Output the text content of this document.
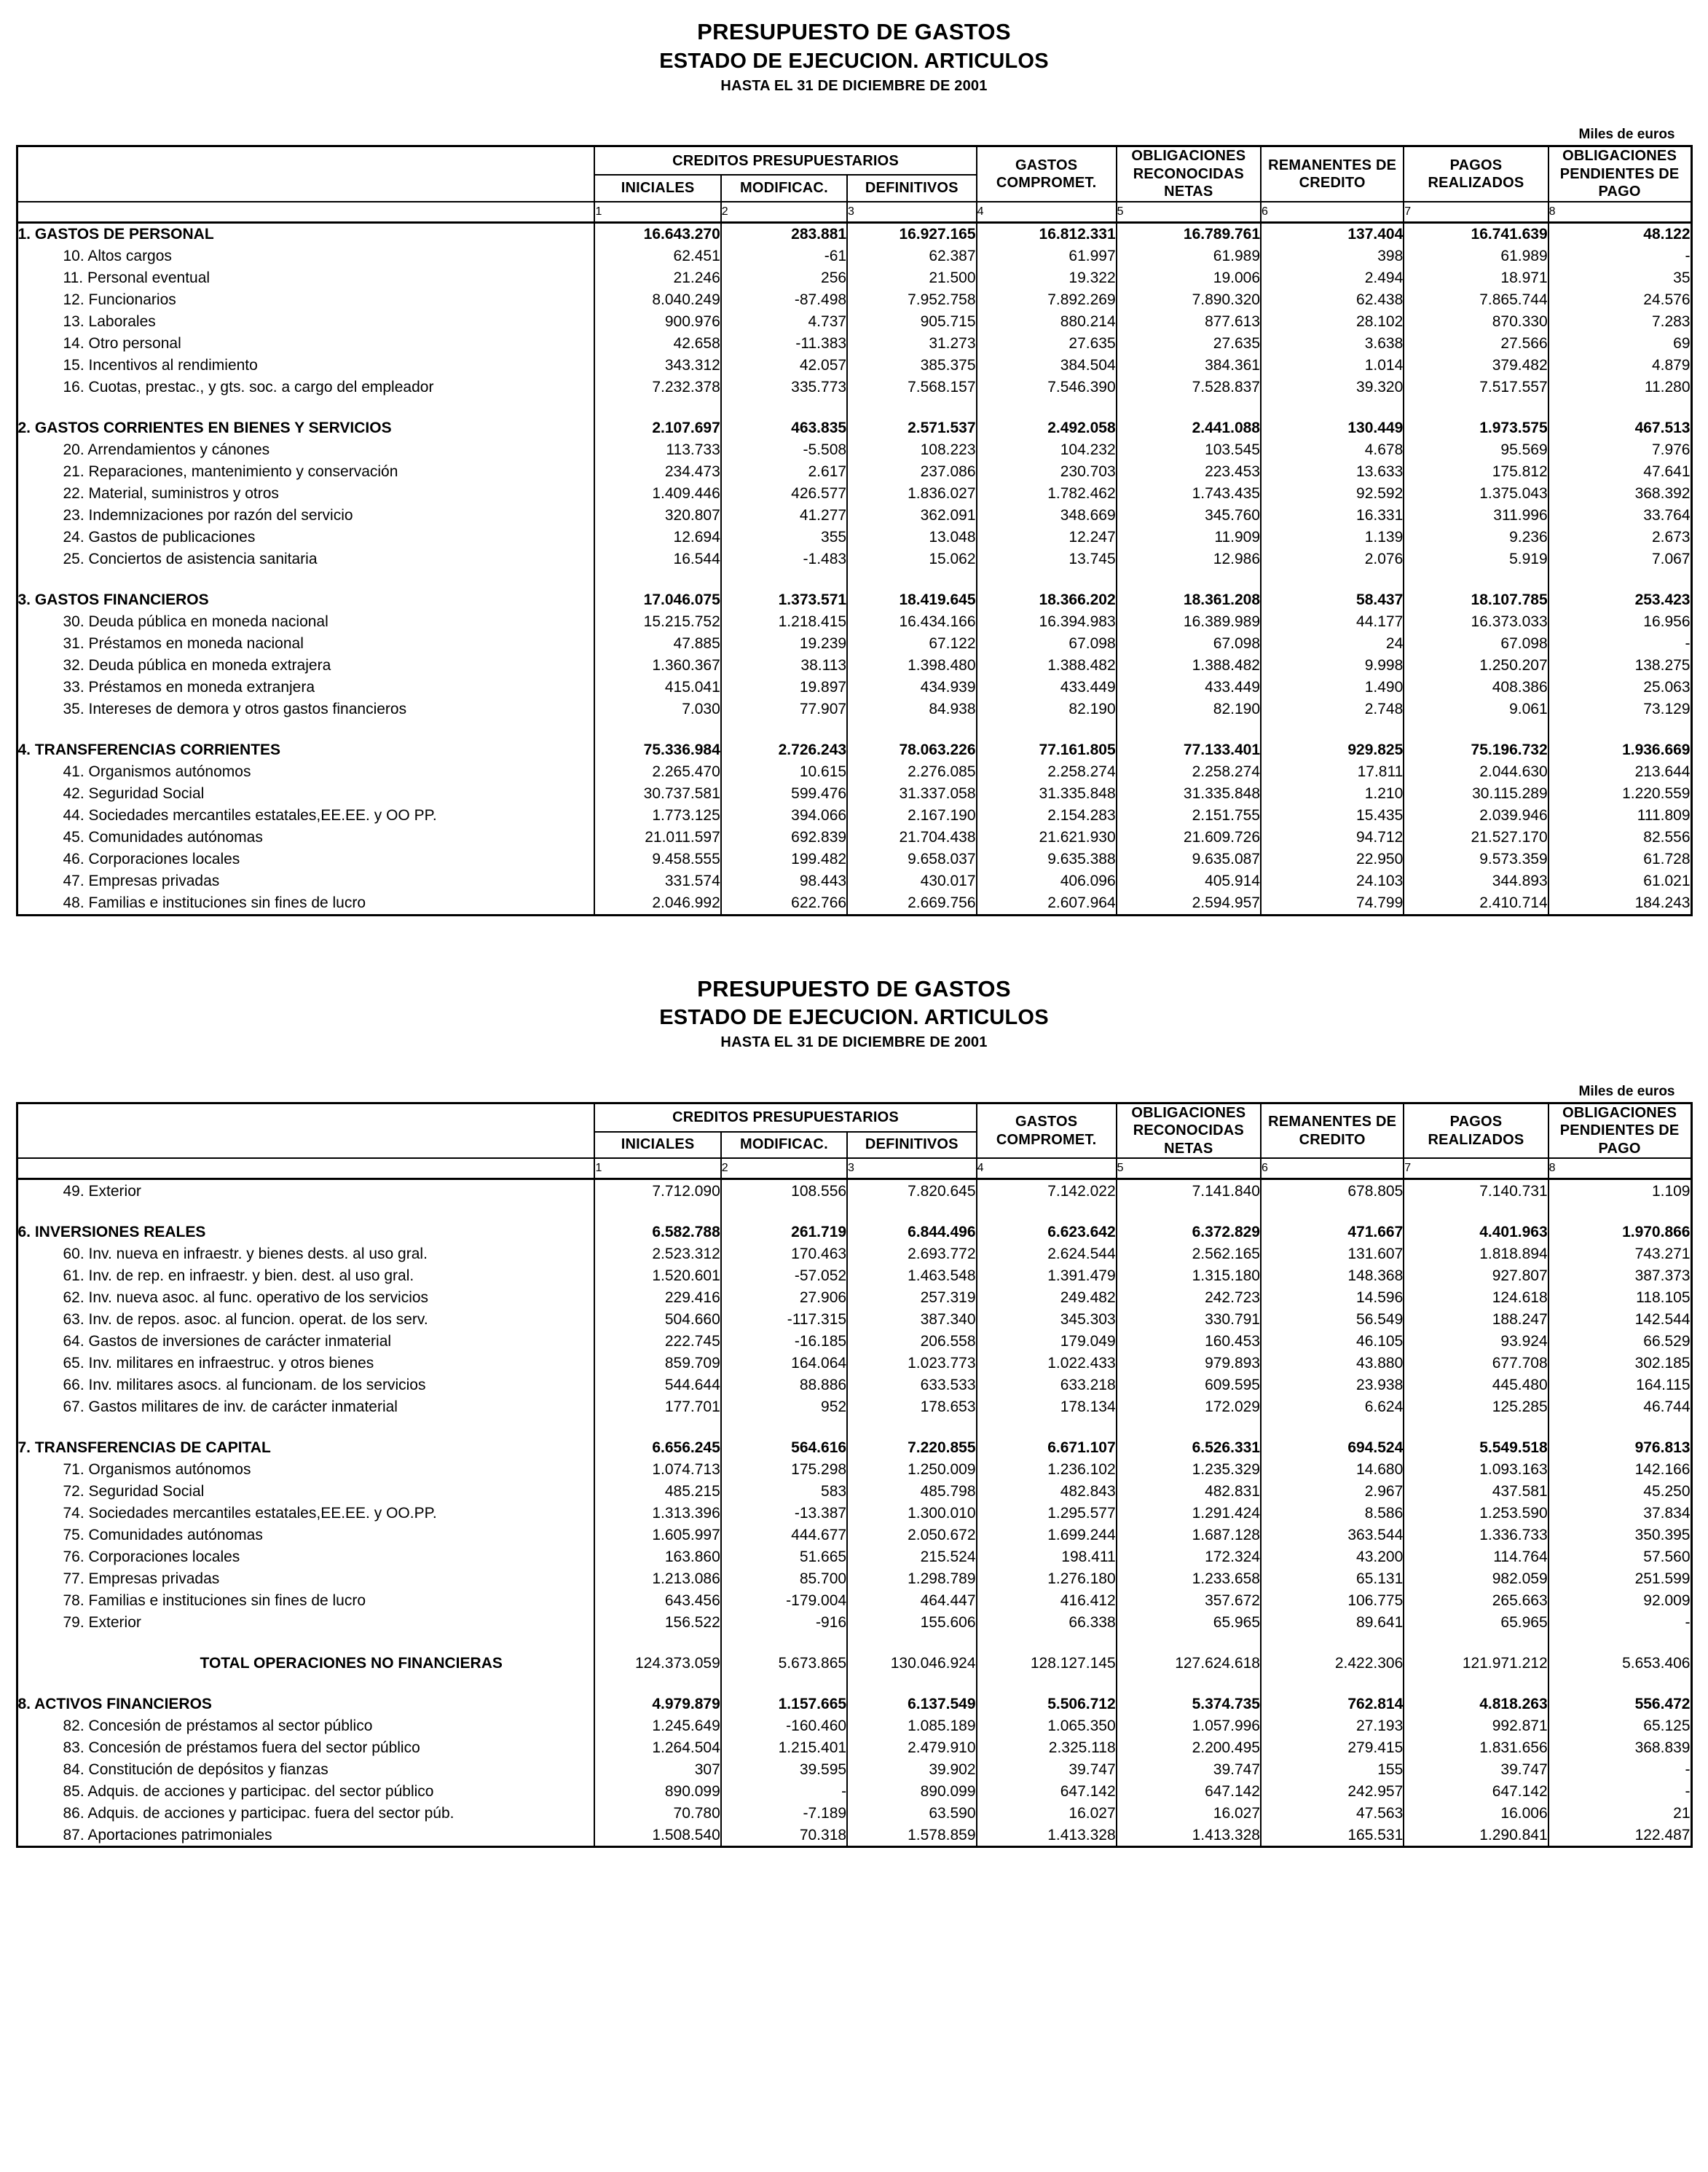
PRESUPUESTO DE GASTOS
ESTADO DE EJECUCION. ARTICULOS
HASTA EL 31 DE DICIEMBRE DE 2001
Miles de euros
	CREDITOS PRESUPUESTARIOS			GASTOS COMPROMET.	OBLIGACIONES RECONOCIDAS NETAS	REMANENTES DE CREDITO	PAGOS REALIZADOS	OBLIGACIONES PENDIENTES DE PAGO
	INICIALES	MODIFICAC.	DEFINITIVOS					
	1	2	3	4	5	6	7	8
1. GASTOS DE PERSONAL	16.643.270	283.881	16.927.165	16.812.331	16.789.761	137.404	16.741.639	48.122
10. Altos cargos	62.451	-61	62.387	61.997	61.989	398	61.989	-
11. Personal eventual	21.246	256	21.500	19.322	19.006	2.494	18.971	35
12. Funcionarios	8.040.249	-87.498	7.952.758	7.892.269	7.890.320	62.438	7.865.744	24.576
13. Laborales	900.976	4.737	905.715	880.214	877.613	28.102	870.330	7.283
14. Otro personal	42.658	-11.383	31.273	27.635	27.635	3.638	27.566	69
15. Incentivos al rendimiento	343.312	42.057	385.375	384.504	384.361	1.014	379.482	4.879
16. Cuotas, prestac., y gts. soc. a cargo del empleador	7.232.378	335.773	7.568.157	7.546.390	7.528.837	39.320	7.517.557	11.280

2. GASTOS CORRIENTES EN BIENES Y SERVICIOS	2.107.697	463.835	2.571.537	2.492.058	2.441.088	130.449	1.973.575	467.513
20. Arrendamientos y cánones	113.733	-5.508	108.223	104.232	103.545	4.678	95.569	7.976
21. Reparaciones, mantenimiento y conservación	234.473	2.617	237.086	230.703	223.453	13.633	175.812	47.641
22. Material, suministros y otros	1.409.446	426.577	1.836.027	1.782.462	1.743.435	92.592	1.375.043	368.392
23. Indemnizaciones por razón del servicio	320.807	41.277	362.091	348.669	345.760	16.331	311.996	33.764
24. Gastos de publicaciones	12.694	355	13.048	12.247	11.909	1.139	9.236	2.673
25. Conciertos de asistencia sanitaria	16.544	-1.483	15.062	13.745	12.986	2.076	5.919	7.067

3. GASTOS FINANCIEROS	17.046.075	1.373.571	18.419.645	18.366.202	18.361.208	58.437	18.107.785	253.423
30. Deuda pública en moneda nacional	15.215.752	1.218.415	16.434.166	16.394.983	16.389.989	44.177	16.373.033	16.956
31. Préstamos en moneda nacional	47.885	19.239	67.122	67.098	67.098	24	67.098	-
32. Deuda pública en moneda extrajera	1.360.367	38.113	1.398.480	1.388.482	1.388.482	9.998	1.250.207	138.275
33. Préstamos en moneda extranjera	415.041	19.897	434.939	433.449	433.449	1.490	408.386	25.063
35. Intereses de demora y otros gastos financieros	7.030	77.907	84.938	82.190	82.190	2.748	9.061	73.129

4. TRANSFERENCIAS CORRIENTES	75.336.984	2.726.243	78.063.226	77.161.805	77.133.401	929.825	75.196.732	1.936.669
41. Organismos autónomos	2.265.470	10.615	2.276.085	2.258.274	2.258.274	17.811	2.044.630	213.644
42. Seguridad Social	30.737.581	599.476	31.337.058	31.335.848	31.335.848	1.210	30.115.289	1.220.559
44. Sociedades mercantiles estatales,EE.EE. y OO PP.	1.773.125	394.066	2.167.190	2.154.283	2.151.755	15.435	2.039.946	111.809
45. Comunidades autónomas	21.011.597	692.839	21.704.438	21.621.930	21.609.726	94.712	21.527.170	82.556
46. Corporaciones locales	9.458.555	199.482	9.658.037	9.635.388	9.635.087	22.950	9.573.359	61.728
47. Empresas privadas	331.574	98.443	430.017	406.096	405.914	24.103	344.893	61.021
48. Familias e instituciones sin fines de lucro	2.046.992	622.766	2.669.756	2.607.964	2.594.957	74.799	2.410.714	184.243
PRESUPUESTO DE GASTOS
ESTADO DE EJECUCION. ARTICULOS
HASTA EL 31 DE DICIEMBRE DE 2001
Miles de euros
	CREDITOS PRESUPUESTARIOS			GASTOS COMPROMET.	OBLIGACIONES RECONOCIDAS NETAS	REMANENTES DE CREDITO	PAGOS REALIZADOS	OBLIGACIONES PENDIENTES DE PAGO
	INICIALES	MODIFICAC.	DEFINITIVOS					
	1	2	3	4	5	6	7	8
49. Exterior	7.712.090	108.556	7.820.645	7.142.022	7.141.840	678.805	7.140.731	1.109

6. INVERSIONES REALES	6.582.788	261.719	6.844.496	6.623.642	6.372.829	471.667	4.401.963	1.970.866
60. Inv. nueva en infraestr. y bienes dests. al uso gral.	2.523.312	170.463	2.693.772	2.624.544	2.562.165	131.607	1.818.894	743.271
61. Inv. de rep. en infraestr. y bien. dest. al uso gral.	1.520.601	-57.052	1.463.548	1.391.479	1.315.180	148.368	927.807	387.373
62. Inv. nueva asoc. al func. operativo de los servicios	229.416	27.906	257.319	249.482	242.723	14.596	124.618	118.105
63. Inv. de repos. asoc. al funcion. operat. de los serv.	504.660	-117.315	387.340	345.303	330.791	56.549	188.247	142.544
64. Gastos de inversiones de carácter inmaterial	222.745	-16.185	206.558	179.049	160.453	46.105	93.924	66.529
65. Inv. militares en infraestruc. y otros bienes	859.709	164.064	1.023.773	1.022.433	979.893	43.880	677.708	302.185
66. Inv. militares asocs. al funcionam. de los servicios	544.644	88.886	633.533	633.218	609.595	23.938	445.480	164.115
67. Gastos militares de inv. de carácter inmaterial	177.701	952	178.653	178.134	172.029	6.624	125.285	46.744

7. TRANSFERENCIAS DE CAPITAL	6.656.245	564.616	7.220.855	6.671.107	6.526.331	694.524	5.549.518	976.813
71. Organismos autónomos	1.074.713	175.298	1.250.009	1.236.102	1.235.329	14.680	1.093.163	142.166
72. Seguridad Social	485.215	583	485.798	482.843	482.831	2.967	437.581	45.250
74. Sociedades mercantiles estatales,EE.EE. y OO.PP.	1.313.396	-13.387	1.300.010	1.295.577	1.291.424	8.586	1.253.590	37.834
75. Comunidades autónomas	1.605.997	444.677	2.050.672	1.699.244	1.687.128	363.544	1.336.733	350.395
76. Corporaciones locales	163.860	51.665	215.524	198.411	172.324	43.200	114.764	57.560
77. Empresas privadas	1.213.086	85.700	1.298.789	1.276.180	1.233.658	65.131	982.059	251.599
78. Familias e instituciones sin fines de lucro	643.456	-179.004	464.447	416.412	357.672	106.775	265.663	92.009
79. Exterior	156.522	-916	155.606	66.338	65.965	89.641	65.965	-

TOTAL OPERACIONES NO FINANCIERAS	124.373.059	5.673.865	130.046.924	128.127.145	127.624.618	2.422.306	121.971.212	5.653.406

8. ACTIVOS FINANCIEROS	4.979.879	1.157.665	6.137.549	5.506.712	5.374.735	762.814	4.818.263	556.472
82. Concesión de préstamos al sector público	1.245.649	-160.460	1.085.189	1.065.350	1.057.996	27.193	992.871	65.125
83. Concesión de préstamos fuera del sector público	1.264.504	1.215.401	2.479.910	2.325.118	2.200.495	279.415	1.831.656	368.839
84. Constitución de depósitos y fianzas	307	39.595	39.902	39.747	39.747	155	39.747	-
85. Adquis. de acciones y participac. del sector público	890.099	-	890.099	647.142	647.142	242.957	647.142	-
86. Adquis. de acciones y participac. fuera del sector púb.	70.780	-7.189	63.590	16.027	16.027	47.563	16.006	21
87. Aportaciones patrimoniales	1.508.540	70.318	1.578.859	1.413.328	1.413.328	165.531	1.290.841	122.487
